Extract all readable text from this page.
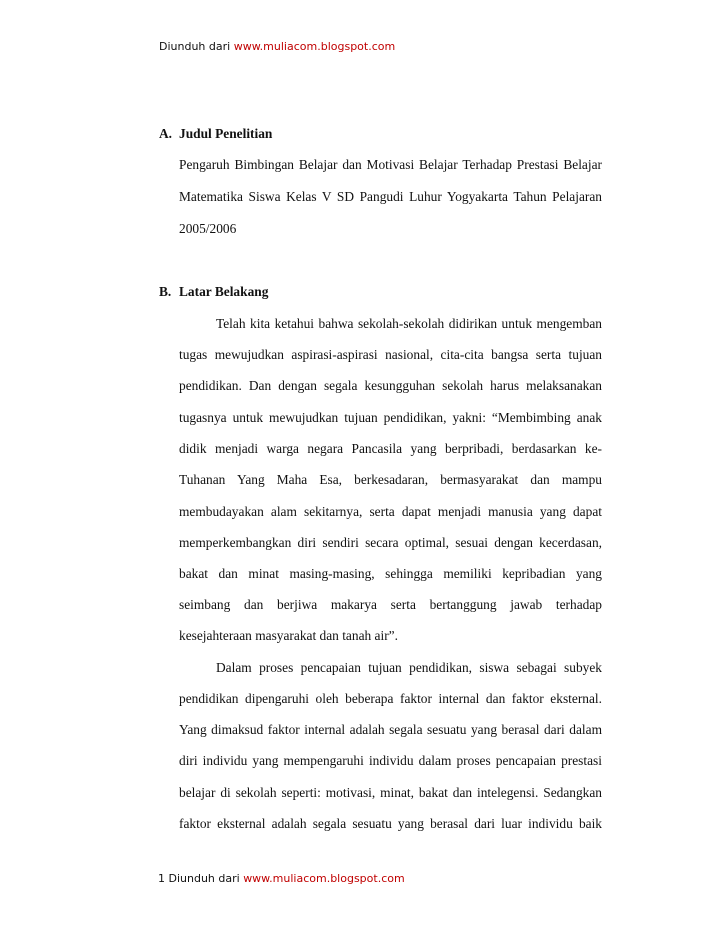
Diunduh dari www.muliacom.blogspot.com
A. Judul Penelitian
Pengaruh Bimbingan Belajar dan Motivasi Belajar Terhadap Prestasi Belajar
Matematika Siswa Kelas V SD Pangudi Luhur Yogyakarta Tahun Pelajaran
2005/2006
B. Latar Belakang
Telah kita ketahui bahwa sekolah-sekolah didirikan untuk mengemban
tugas mewujudkan aspirasi-aspirasi nasional, cita-cita bangsa serta tujuan
pendidikan. Dan dengan segala kesungguhan sekolah harus melaksanakan
tugasnya untuk mewujudkan tujuan pendidikan, yakni: “Membimbing anak
didik menjadi warga negara Pancasila yang berpribadi, berdasarkan ke-
Tuhanan Yang Maha Esa, berkesadaran, bermasyarakat dan mampu
membudayakan alam sekitarnya, serta dapat menjadi manusia yang dapat
memperkembangkan diri sendiri secara optimal, sesuai dengan kecerdasan,
bakat dan minat masing-masing, sehingga memiliki kepribadian yang
seimbang dan berjiwa makarya serta bertanggung jawab terhadap
kesejahteraan masyarakat dan tanah air”.
Dalam proses pencapaian tujuan pendidikan, siswa sebagai subyek
pendidikan dipengaruhi oleh beberapa faktor internal dan faktor eksternal.
Yang dimaksud faktor internal adalah segala sesuatu yang berasal dari dalam
diri individu yang mempengaruhi individu dalam proses pencapaian prestasi
belajar di sekolah seperti: motivasi, minat, bakat dan intelegensi. Sedangkan
faktor eksternal adalah segala sesuatu yang berasal dari luar individu baik
1 Diunduh dari www.muliacom.blogspot.com
